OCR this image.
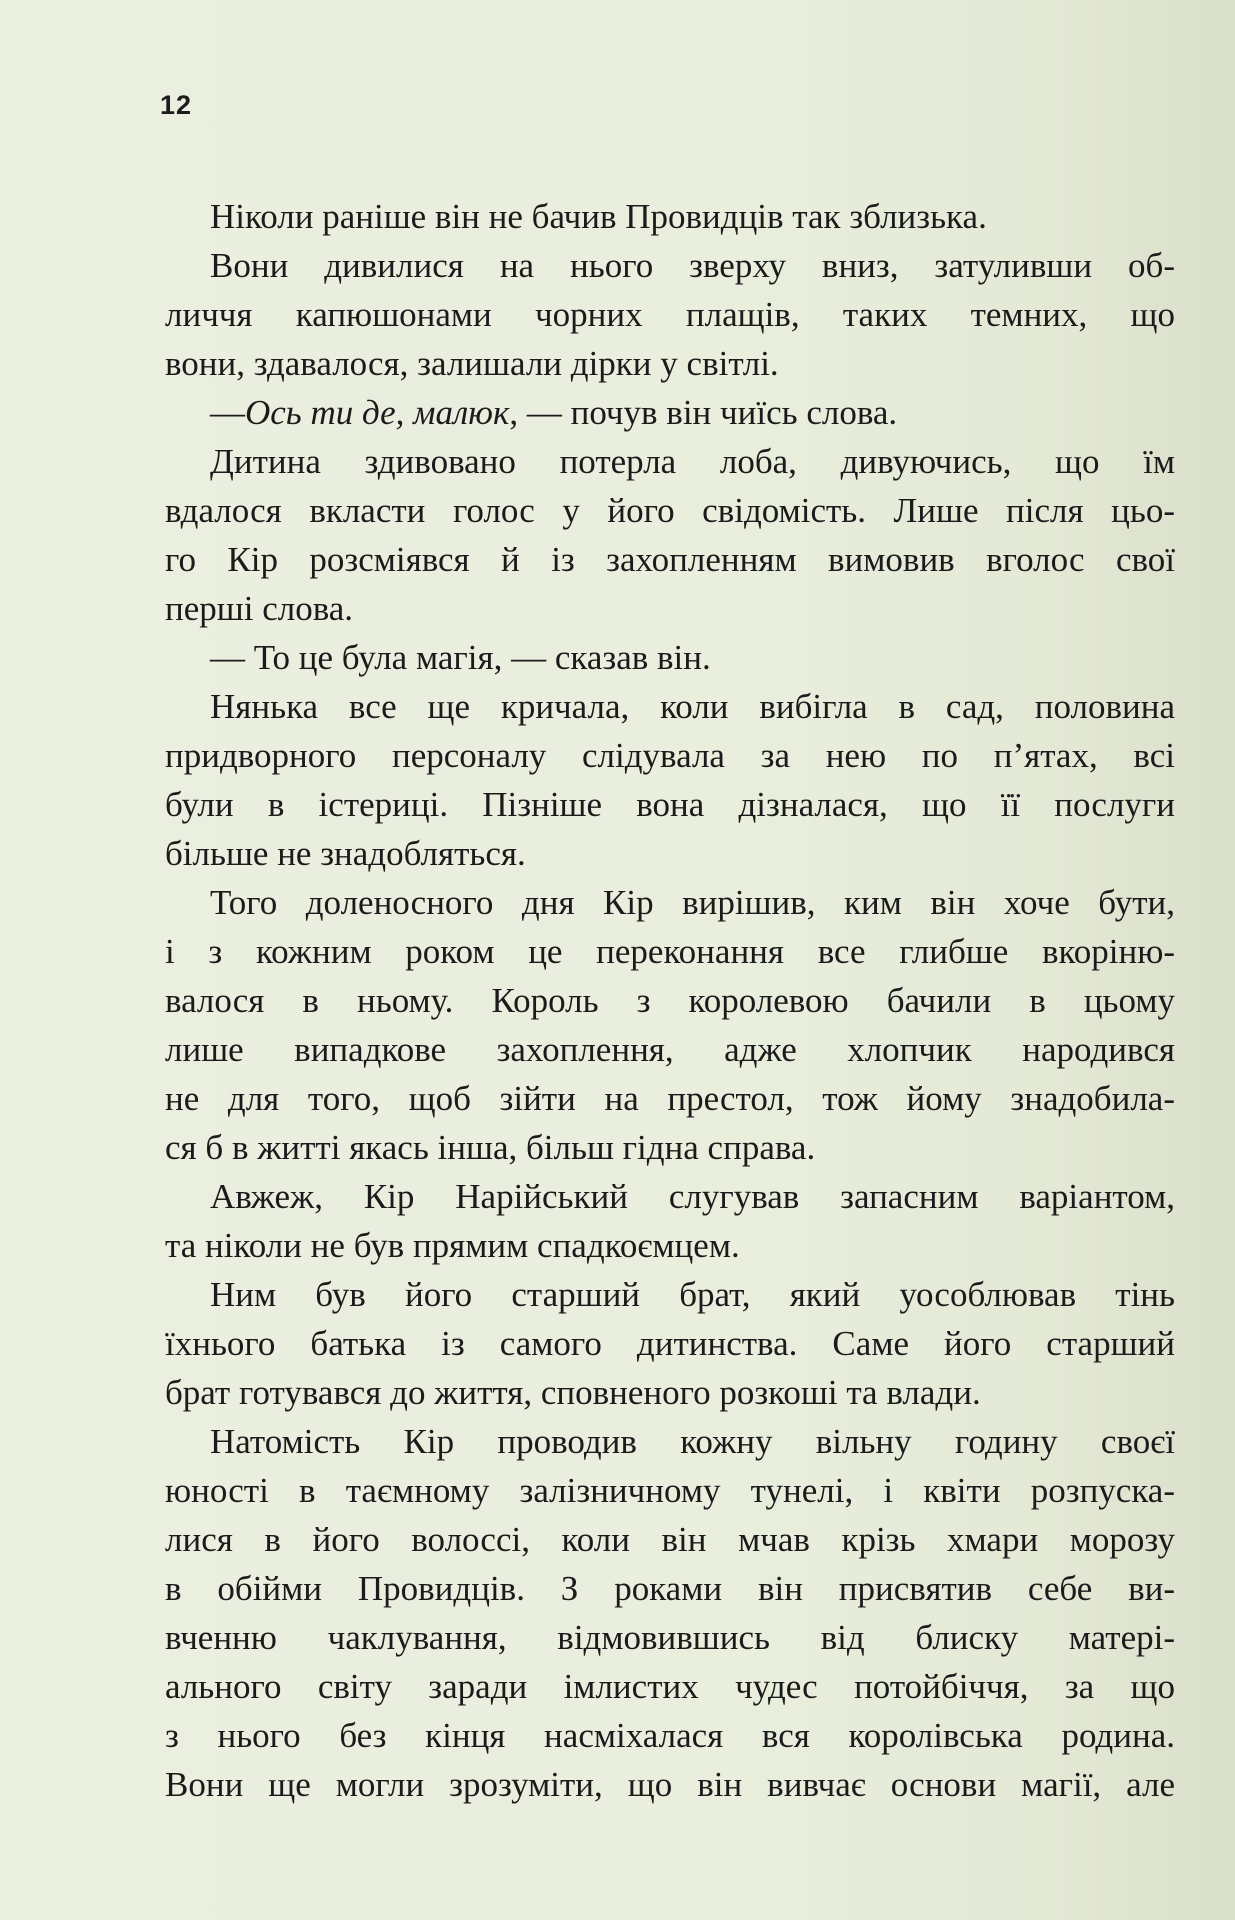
12
Ніколи раніше він не бачив Провидців так зблизька.
Вони дивилися на нього зверху вниз, затуливши об-
личчя капюшонами чорних плащів, таких темних, що
вони, здавалося, залишали дірки у світлі.
—Ось ти де, малюк, — почув він чиїсь слова.
Дитина здивовано потерла лоба, дивуючись, що їм
вдалося вкласти голос у його свідомість. Лише після цьо-
го Кір розсміявся й із захопленням вимовив вголос свої
перші слова.
— То це була магія, — сказав він.
Нянька все ще кричала, коли вибігла в сад, половина
придворного персоналу слідувала за нею по п’ятах, всі
були в істериці. Пізніше вона дізналася, що її послуги
більше не знадобляться.
Того доленосного дня Кір вирішив, ким він хоче бути,
і з кожним роком це переконання все глибше вкоріню-
валося в ньому. Король з королевою бачили в цьому
лише випадкове захоплення, адже хлопчик народився
не для того, щоб зійти на престол, тож йому знадобила-
ся б в житті якась інша, більш гідна справа.
Авжеж, Кір Нарійський слугував запасним варіантом,
та ніколи не був прямим спадкоємцем.
Ним був його старший брат, який уособлював тінь
їхнього батька із самого дитинства. Саме його старший
брат готувався до життя, сповненого розкоші та влади.
Натомість Кір проводив кожну вільну годину своєї
юності в таємному залізничному тунелі, і квіти розпуска-
лися в його волоссі, коли він мчав крізь хмари морозу
в обійми Провидців. З роками він присвятив себе ви-
вченню чаклування, відмовившись від блиску матері-
ального світу заради імлистих чудес потойбіччя, за що
з нього без кінця насміхалася вся королівська родина.
Вони ще могли зрозуміти, що він вивчає основи магії, але
